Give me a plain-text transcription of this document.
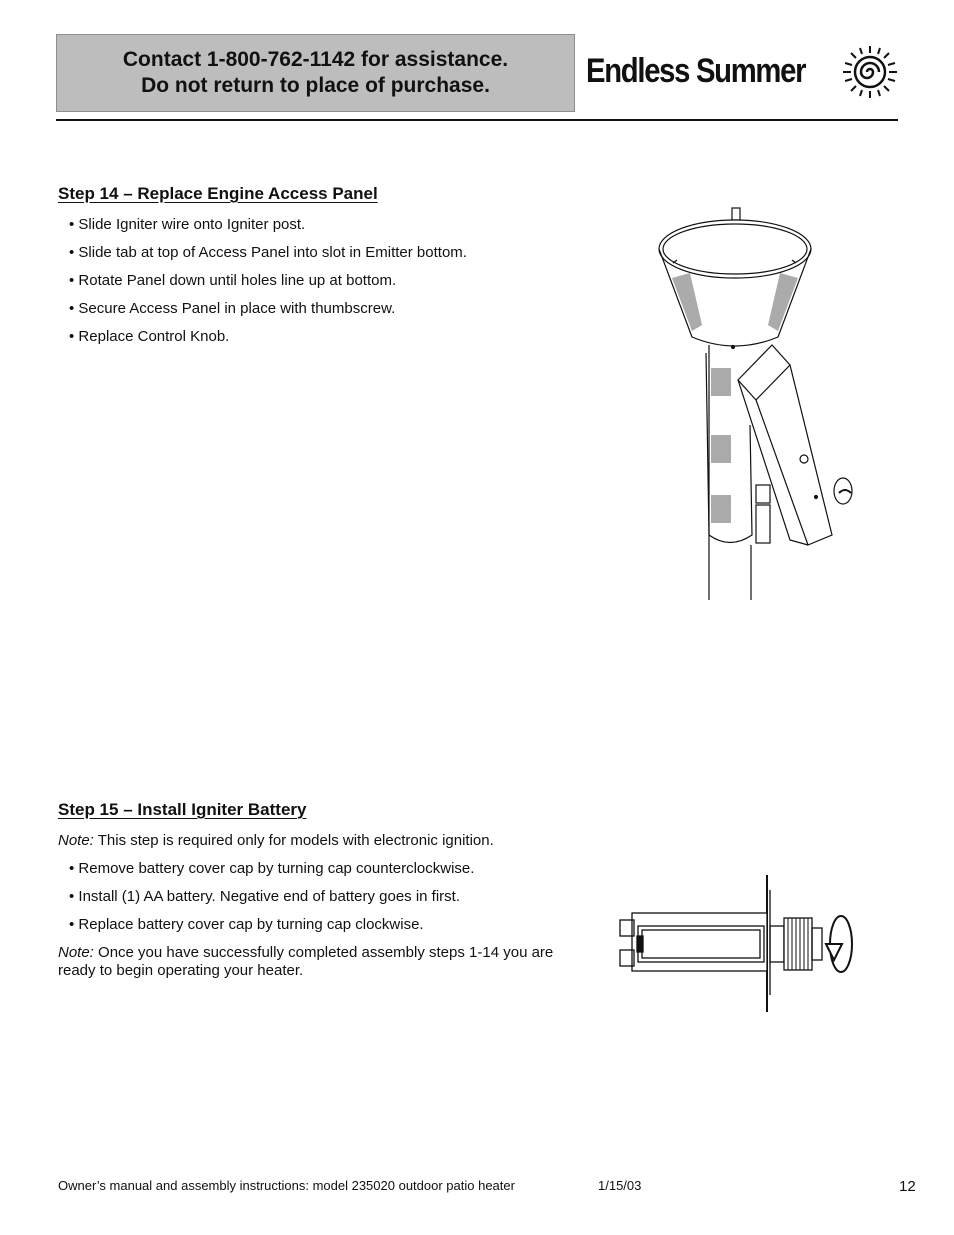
Contact 1-800-762-1142 for assistance.
Do not return to place of purchase.	Endless Summer
Step 14 – Replace Engine Access Panel
• Slide Igniter wire onto Igniter post.
• Slide tab at top of Access Panel into slot in Emitter bottom.
• Rotate Panel down until holes line up at bottom.
• Secure Access Panel in place with thumbscrew.
• Replace Control Knob.
Step 15 – Install Igniter Battery
Note: This step is required only for models with electronic ignition.
• Remove battery cover cap by turning cap counterclockwise.
• Install (1) AA battery. Negative end of battery goes in first.
• Replace battery cover cap by turning cap clockwise.
Note: Once you have successfully completed assembly steps 1-14 you are ready to begin operating your heater.
Owner’s manual and assembly instructions: model 235020 outdoor patio heater	1/15/03	12
